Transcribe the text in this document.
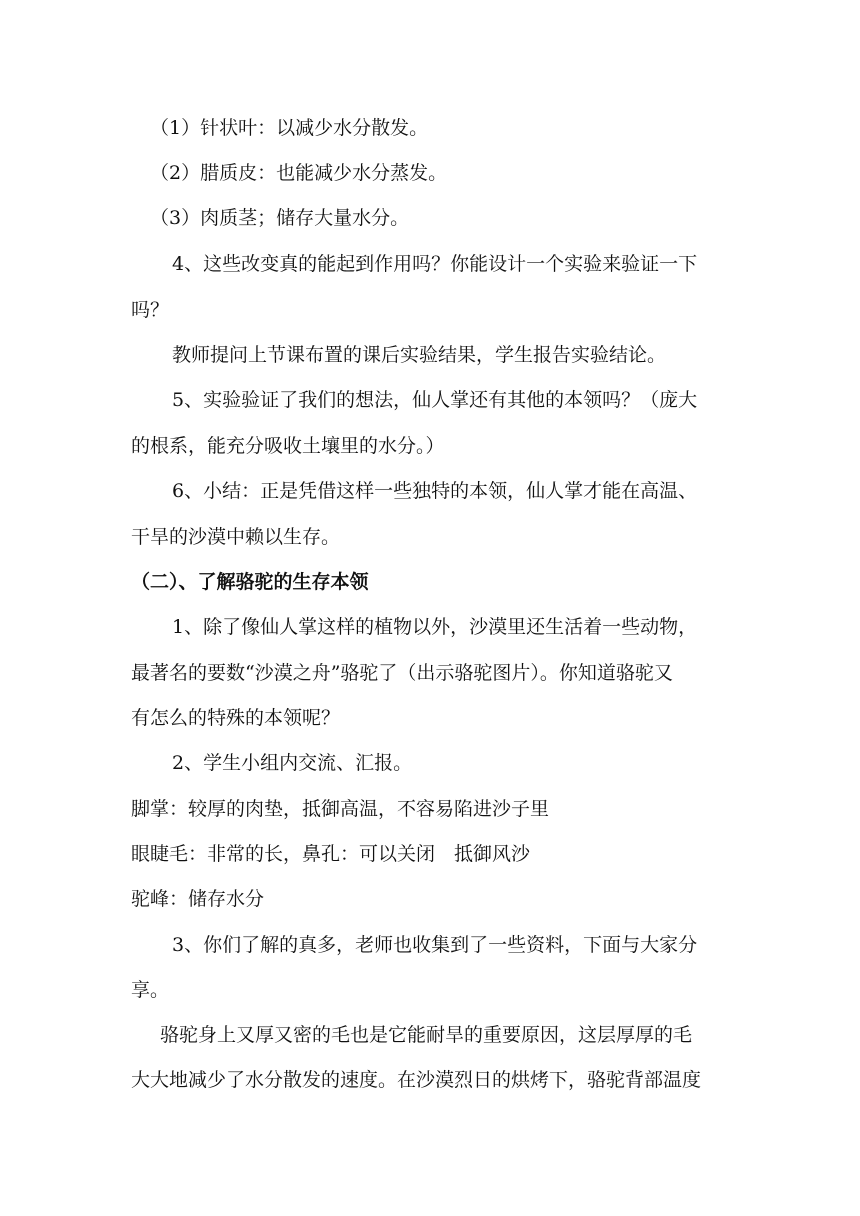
（1）针状叶：以减少水分散发。
（2）腊质皮：也能减少水分蒸发。
（3）肉质茎；储存大量水分。
4、这些改变真的能起到作用吗？你能设计一个实验来验证一下
吗？
教师提问上节课布置的课后实验结果，学生报告实验结论。
5、实验验证了我们的想法，仙人掌还有其他的本领吗？（庞大
的根系，能充分吸收土壤里的水分。）
6、小结：正是凭借这样一些独特的本领，仙人掌才能在高温、
干旱的沙漠中赖以生存。
（二）、了解骆驼的生存本领
1、除了像仙人掌这样的植物以外，沙漠里还生活着一些动物，
最著名的要数“沙漠之舟”骆驼了（出示骆驼图片）。你知道骆驼又
有怎么的特殊的本领呢？
2、学生小组内交流、汇报。
脚掌：较厚的肉垫，抵御高温，不容易陷进沙子里
眼睫毛：非常的长，鼻孔：可以关闭　抵御风沙
驼峰：储存水分
3、你们了解的真多，老师也收集到了一些资料，下面与大家分
享。
骆驼身上又厚又密的毛也是它能耐旱的重要原因，这层厚厚的毛
大大地减少了水分散发的速度。在沙漠烈日的烘烤下，骆驼背部温度
